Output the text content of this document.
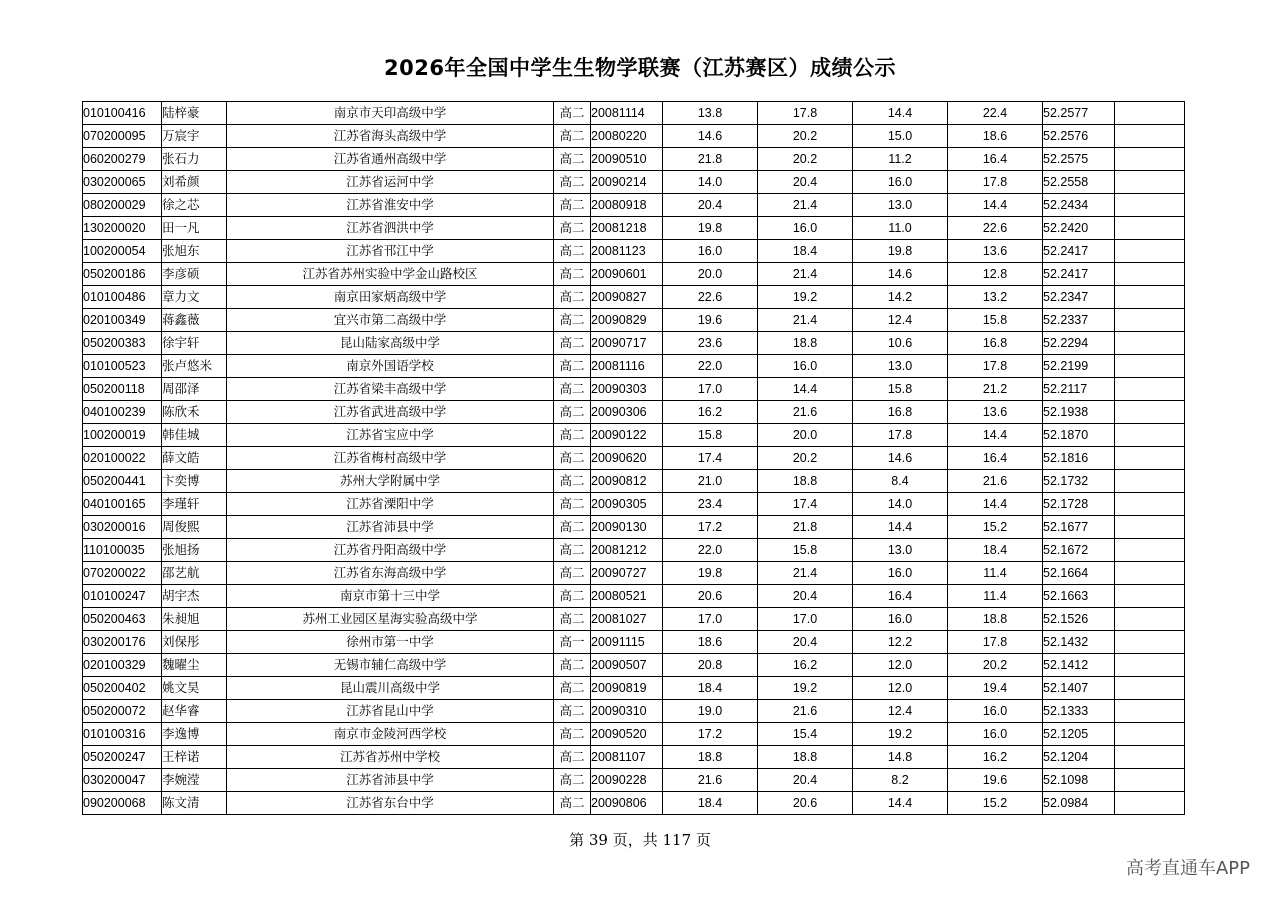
2026年全国中学生生物学联赛（江苏赛区）成绩公示
010100416	陆梓豪	南京市天印高级中学	高二	20081114	13.8	17.8	14.4	22.4	52.2577	
070200095	万宸宇	江苏省海头高级中学	高二	20080220	14.6	20.2	15.0	18.6	52.2576	
060200279	张石力	江苏省通州高级中学	高二	20090510	21.8	20.2	11.2	16.4	52.2575	
030200065	刘希颜	江苏省运河中学	高二	20090214	14.0	20.4	16.0	17.8	52.2558	
080200029	徐之芯	江苏省淮安中学	高二	20080918	20.4	21.4	13.0	14.4	52.2434	
130200020	田一凡	江苏省泗洪中学	高二	20081218	19.8	16.0	11.0	22.6	52.2420	
100200054	张旭东	江苏省邗江中学	高二	20081123	16.0	18.4	19.8	13.6	52.2417	
050200186	李彦硕	江苏省苏州实验中学金山路校区	高二	20090601	20.0	21.4	14.6	12.8	52.2417	
010100486	章力文	南京田家炳高级中学	高二	20090827	22.6	19.2	14.2	13.2	52.2347	
020100349	蒋鑫薇	宜兴市第二高级中学	高二	20090829	19.6	21.4	12.4	15.8	52.2337	
050200383	徐宇轩	昆山陆家高级中学	高二	20090717	23.6	18.8	10.6	16.8	52.2294	
010100523	张卢悠米	南京外国语学校	高二	20081116	22.0	16.0	13.0	17.8	52.2199	
050200118	周邵泽	江苏省梁丰高级中学	高二	20090303	17.0	14.4	15.8	21.2	52.2117	
040100239	陈欣禾	江苏省武进高级中学	高二	20090306	16.2	21.6	16.8	13.6	52.1938	
100200019	韩佳城	江苏省宝应中学	高二	20090122	15.8	20.0	17.8	14.4	52.1870	
020100022	薛文皓	江苏省梅村高级中学	高二	20090620	17.4	20.2	14.6	16.4	52.1816	
050200441	卞奕博	苏州大学附属中学	高二	20090812	21.0	18.8	8.4	21.6	52.1732	
040100165	李瑾轩	江苏省溧阳中学	高二	20090305	23.4	17.4	14.0	14.4	52.1728	
030200016	周俊熙	江苏省沛县中学	高二	20090130	17.2	21.8	14.4	15.2	52.1677	
110100035	张旭扬	江苏省丹阳高级中学	高二	20081212	22.0	15.8	13.0	18.4	52.1672	
070200022	邵艺航	江苏省东海高级中学	高二	20090727	19.8	21.4	16.0	11.4	52.1664	
010100247	胡宇杰	南京市第十三中学	高二	20080521	20.6	20.4	16.4	11.4	52.1663	
050200463	朱昶旭	苏州工业园区星海实验高级中学	高二	20081027	17.0	17.0	16.0	18.8	52.1526	
030200176	刘保彤	徐州市第一中学	高一	20091115	18.6	20.4	12.2	17.8	52.1432	
020100329	魏曜尘	无锡市辅仁高级中学	高二	20090507	20.8	16.2	12.0	20.2	52.1412	
050200402	姚文昊	昆山震川高级中学	高二	20090819	18.4	19.2	12.0	19.4	52.1407	
050200072	赵华睿	江苏省昆山中学	高二	20090310	19.0	21.6	12.4	16.0	52.1333	
010100316	李逸博	南京市金陵河西学校	高二	20090520	17.2	15.4	19.2	16.0	52.1205	
050200247	王梓诺	江苏省苏州中学校	高二	20081107	18.8	18.8	14.8	16.2	52.1204	
030200047	李婉滢	江苏省沛县中学	高二	20090228	21.6	20.4	8.2	19.6	52.1098	
090200068	陈文清	江苏省东台中学	高二	20090806	18.4	20.6	14.4	15.2	52.0984	
第 39 页，共 117 页
高考直通车APP
